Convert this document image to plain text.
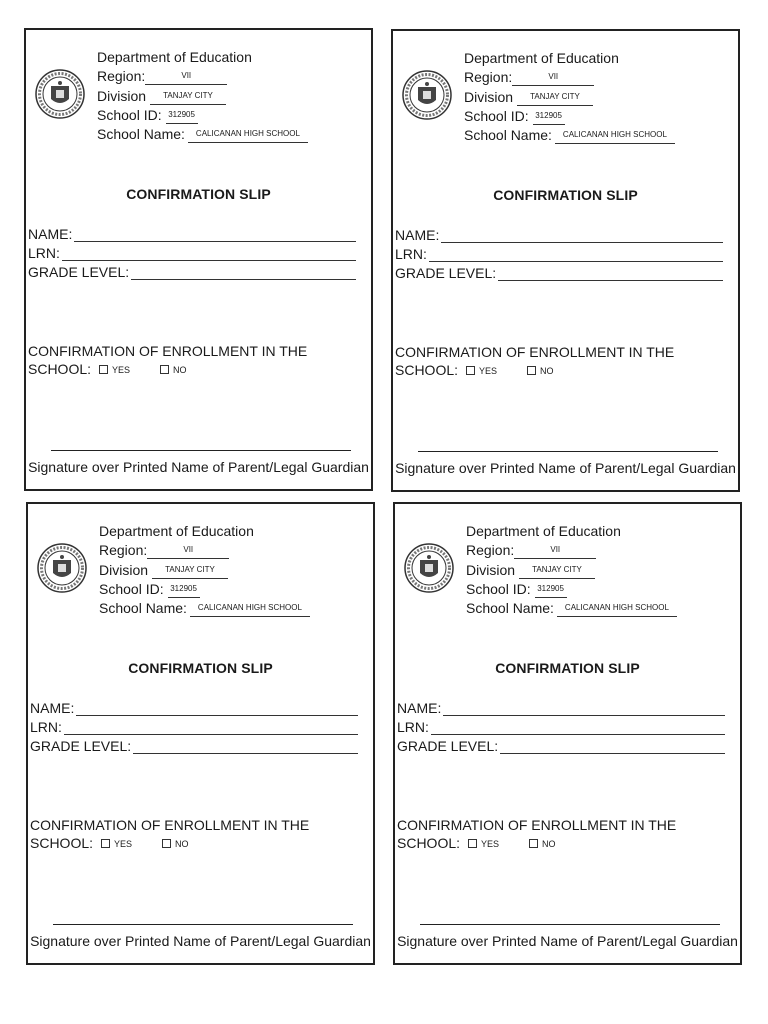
Department of Education
Region:	VII
Division TANJAY CITY
School ID: 312905
School Name: CALICANAN HIGH SCHOOL
CONFIRMATION SLIP
NAME:
LRN:
GRADE LEVEL:
CONFIRMATION OF ENROLLMENT IN THE
SCHOOL: YES	NO
Signature over Printed Name of Parent/Legal Guardian
Department of Education
Region:	VII
Division TANJAY CITY
School ID: 312905
School Name: CALICANAN HIGH SCHOOL
CONFIRMATION SLIP
NAME:
LRN:
GRADE LEVEL:
CONFIRMATION OF ENROLLMENT IN THE
SCHOOL: YES	NO
Signature over Printed Name of Parent/Legal Guardian
Department of Education
Region:	VII
Division TANJAY CITY
School ID: 312905
School Name: CALICANAN HIGH SCHOOL
CONFIRMATION SLIP
NAME:
LRN:
GRADE LEVEL:
CONFIRMATION OF ENROLLMENT IN THE
SCHOOL: YES	NO
Signature over Printed Name of Parent/Legal Guardian
Department of Education
Region:	VII
Division TANJAY CITY
School ID: 312905
School Name: CALICANAN HIGH SCHOOL
CONFIRMATION SLIP
NAME:
LRN:
GRADE LEVEL:
CONFIRMATION OF ENROLLMENT IN THE
SCHOOL: YES	NO
Signature over Printed Name of Parent/Legal Guardian
